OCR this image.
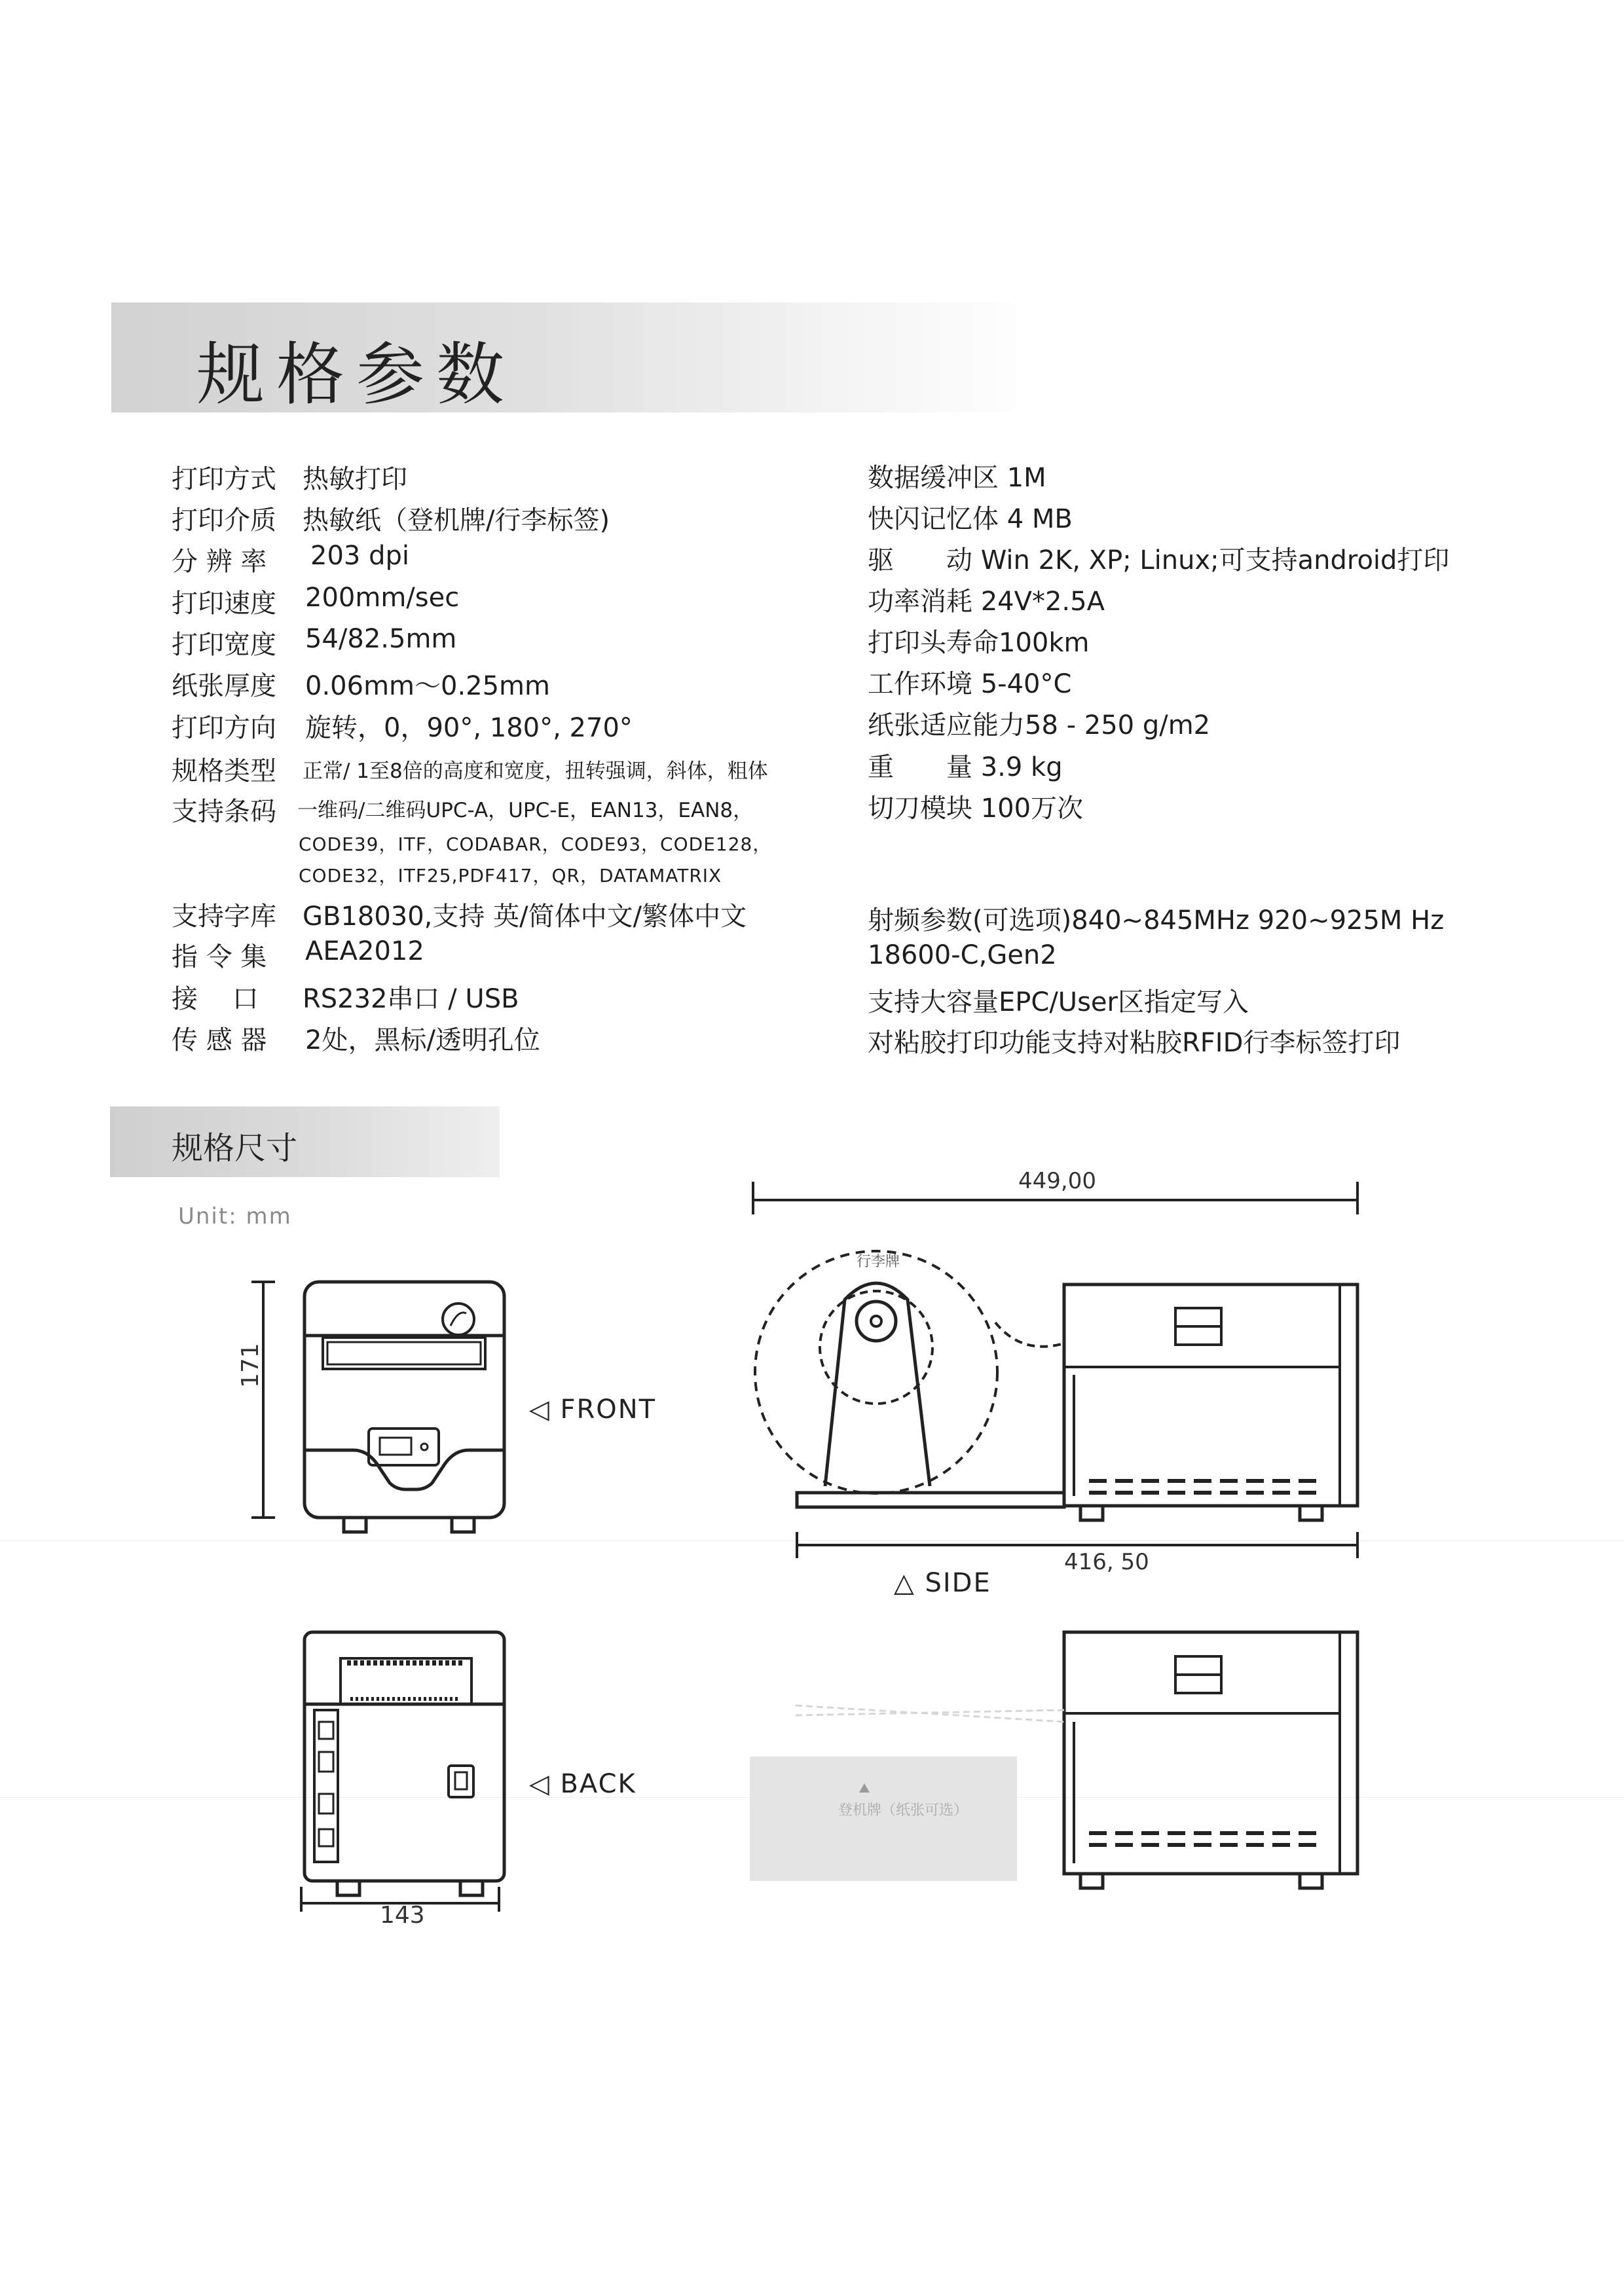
规格参数
打印方式 热敏打印
打印介质 热敏纸（登机牌/行李标签)
分 辨 率 203 dpi
打印速度 200mm/sec
打印宽度 54/82.5mm
纸张厚度 0.06mm～0.25mm
打印方向 旋转，0，90°, 180°, 270°
规格类型 正常/ 1至8倍的高度和宽度，扭转强调，斜体，粗体
支持条码 一维码/二维码UPC-A，UPC-E，EAN13，EAN8，
CODE39，ITF，CODABAR，CODE93，CODE128，
CODE32，ITF25,PDF417，QR，DATAMATRIX
支持字库 GB18030,支持 英/简体中文/繁体中文
指 令 集 AEA2012
接　 口 RS232串口 / USB
传 感 器 2处，黑标/透明孔位
数据缓冲区 1M
快闪记忆体 4 MB
驱　　动 Win 2K, XP; Linux;可支持android打印
功率消耗 24V*2.5A
打印头寿命100km
工作环境 5-40°C
纸张适应能力58 - 250 g/m2
重　　量 3.9 kg
切刀模块 100万次
射频参数(可选项)840~845MHz 920~925M Hz
18600-C,Gen2
支持大容量EPC/User区指定写入
对粘胶打印功能支持对粘胶RFID行李标签打印
规格尺寸
Unit: mm
171
143
449,00
416, 50
行李牌
登机牌（纸张可选）
◁ FRONT
◁ BACK
△ SIDE
